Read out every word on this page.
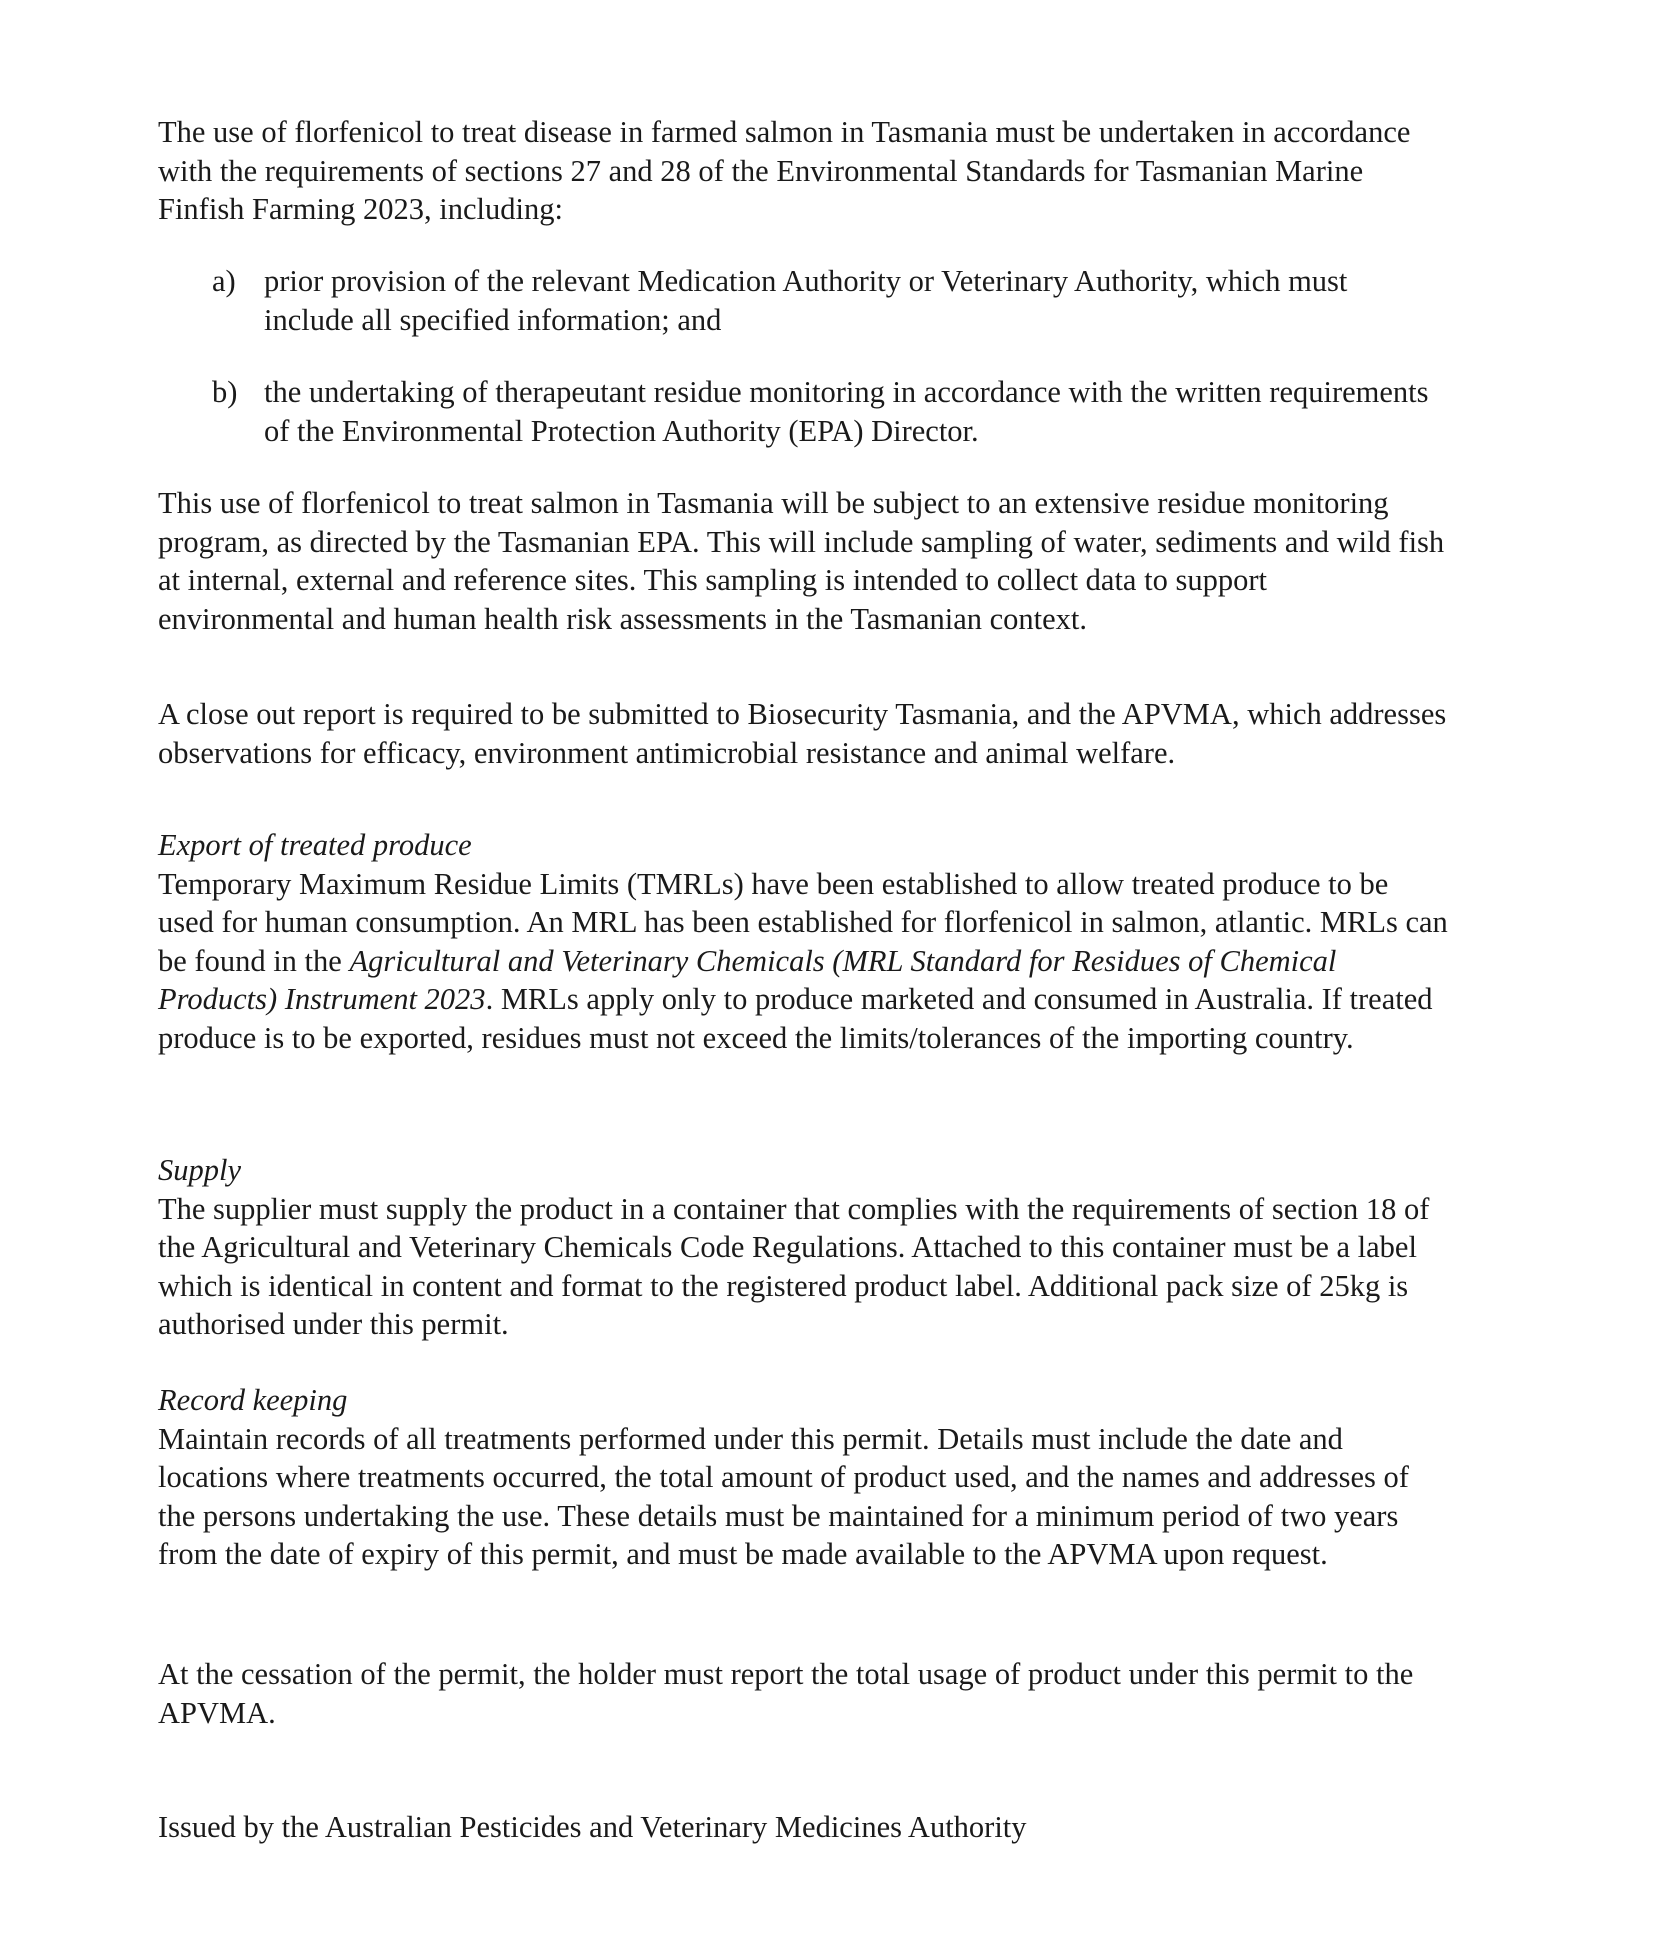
The use of florfenicol to treat disease in farmed salmon in Tasmania must be undertaken in accordance with the requirements of sections 27 and 28 of the Environmental Standards for Tasmanian Marine Finfish Farming 2023, including:

a) prior provision of the relevant Medication Authority or Veterinary Authority, which must include all specified information; and
b) the undertaking of therapeutant residue monitoring in accordance with the written requirements of the Environmental Protection Authority (EPA) Director.

This use of florfenicol to treat salmon in Tasmania will be subject to an extensive residue monitoring program, as directed by the Tasmanian EPA. This will include sampling of water, sediments and wild fish at internal, external and reference sites. This sampling is intended to collect data to support environmental and human health risk assessments in the Tasmanian context.

A close out report is required to be submitted to Biosecurity Tasmania, and the APVMA, which addresses observations for efficacy, environment antimicrobial resistance and animal welfare.

Export of treated produce
Temporary Maximum Residue Limits (TMRLs) have been established to allow treated produce to be used for human consumption. An MRL has been established for florfenicol in salmon, atlantic. MRLs can be found in the Agricultural and Veterinary Chemicals (MRL Standard for Residues of Chemical Products) Instrument 2023. MRLs apply only to produce marketed and consumed in Australia. If treated produce is to be exported, residues must not exceed the limits/tolerances of the importing country.
Supply
The supplier must supply the product in a container that complies with the requirements of section 18 of the Agricultural and Veterinary Chemicals Code Regulations. Attached to this container must be a label which is identical in content and format to the registered product label. Additional pack size of 25kg is authorised under this permit.
Record keeping
Maintain records of all treatments performed under this permit. Details must include the date and locations where treatments occurred, the total amount of product used, and the names and addresses of the persons undertaking the use. These details must be maintained for a minimum period of two years from the date of expiry of this permit, and must be made available to the APVMA upon request.

At the cessation of the permit, the holder must report the total usage of product under this permit to the APVMA.

Issued by the Australian Pesticides and Veterinary Medicines Authority
